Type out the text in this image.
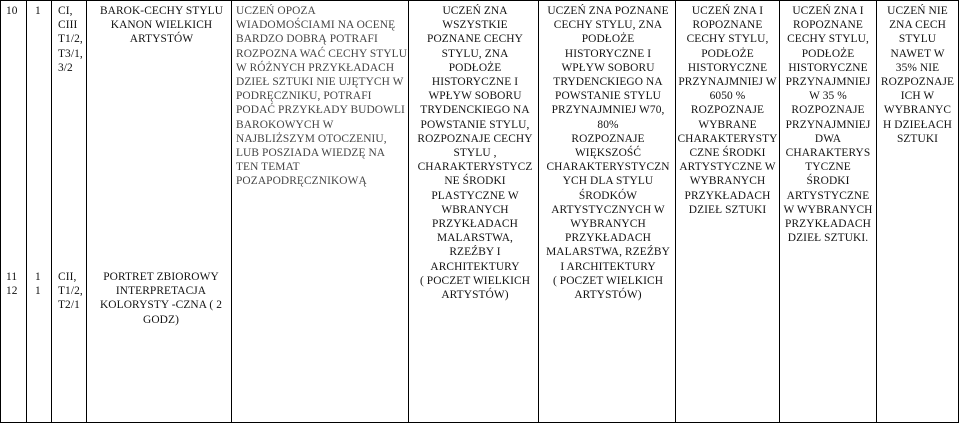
10 1 CI,
CIII
T1/2,
T3/1,
3/2
BAROK-CECHY STYLU
KANON WIELKICH
ARTYSTÓW
UCZEŃ OPOZA
WIADOMOŚCIAMI NA OCENĘ
BARDZO DOBRĄ POTRAFI
ROZPOZNA WAĆ CECHY STYLU
W RÓŻNYCH PRZYKŁADACH
DZIEŁ SZTUKI NIE UJĘTYCH W
PODRĘCZNIKU, POTRAFI
PODAĆ PRZYKŁADY BUDOWLI
BAROKOWYCH W
NAJBLIŻSZYM OTOCZENIU,
LUB POSZIADA WIEDZĘ NA
TEN TEMAT
POZAPODRĘCZNIKOWĄ
11
12
1
1
CII,
T1/2,
T2/1
PORTRET ZBIOROWY
INTERPRETACJA
KOLORYSTY -CZNA ( 2
GODZ)
UCZEŃ ZNA
WSZYSTKIE
POZNANE CECHY
STYLU, ZNA
PODŁOŻE
HISTORYCZNE I
WPŁYW SOBORU
TRYDENCKIEGO NA
POWSTANIE STYLU,
ROZPOZNAJE CECHY
STYLU ,
CHARAKTERYSTYCZ
NE ŚRODKI
PLASTYCZNE W
WBRANYCH
PRZYKŁADACH
MALARSTWA,
RZEŹBY I
ARCHITEKTURY
( POCZET WIELKICH
ARTYSTÓW)
UCZEŃ ZNA POZNANE
CECHY STYLU, ZNA
PODŁOŻE
HISTORYCZNE I
WPŁYW SOBORU
TRYDENCKIEGO NA
POWSTANIE STYLU
PRZYNAJMNIEJ W70,
80%
ROZPOZNAJE
WIĘKSZOŚĆ
CHARAKTERYSTYCZN
YCH DLA STYLU
ŚRODKÓW
ARTYSTYCZNYCH W
WYBRANYCH
PRZYKŁADACH
MALARSTWA, RZEŹBY
I ARCHITEKTURY
( POCZET WIELKICH
ARTYSTÓW)
UCZEŃ ZNA I
ROPOZNANE
CECHY STYLU,
PODŁOŻE
HISTORYCZNE
PRZYNAJMNIEJ W
6050 %
ROZPOZNAJE
WYBRANE
CHARAKTERYSTY
CZNE ŚRODKI
ARTYSTYCZNE W
WYBRANYCH
PRZYKŁADACH
DZIEŁ SZTUKI
UCZEŃ ZNA I
ROPOZNANE
CECHY STYLU,
PODŁOŻE
HISTORYCZNE
PRZYNAJMNIEJ
W 35 %
ROZPOZNAJE
PRZYNAJMNIEJ
DWA
CHARAKTERYS
TYCZNE
ŚRODKI
ARTYSTYCZNE
W WYBRANYCH
PRZYKŁADACH
DZIEŁ SZTUKI.
UCZEŃ NIE
ZNA CECH
STYLU
NAWET W
35% NIE
ROZPOZNAJE
ICH W
WYBRANYC
H DZIEŁACH
SZTUKI
